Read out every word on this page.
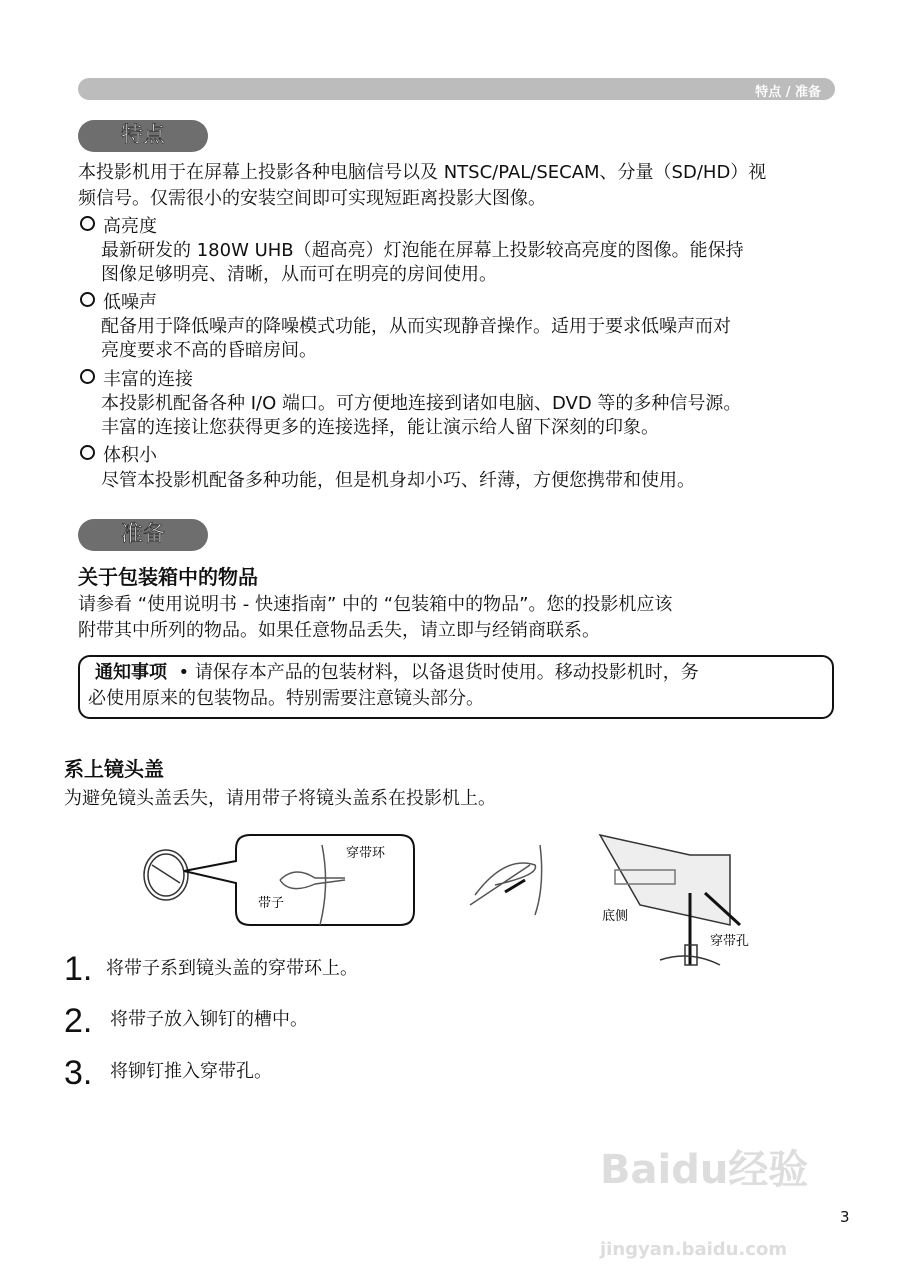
特点 / 准备
特点
本投影机用于在屏幕上投影各种电脑信号以及 NTSC/PAL/SECAM、分量（SD/HD）视
频信号。仅需很小的安装空间即可实现短距离投影大图像。
高亮度
最新研发的 180W UHB（超高亮）灯泡能在屏幕上投影较高亮度的图像。能保持
图像足够明亮、清晰，从而可在明亮的房间使用。
低噪声
配备用于降低噪声的降噪模式功能，从而实现静音操作。适用于要求低噪声而对
亮度要求不高的昏暗房间。
丰富的连接
本投影机配备各种 I/O 端口。可方便地连接到诸如电脑、DVD 等的多种信号源。
丰富的连接让您获得更多的连接选择，能让演示给人留下深刻的印象。
体积小
尽管本投影机配备多种功能，但是机身却小巧、纤薄，方便您携带和使用。
准备
关于包装箱中的物品
请参看 “使用说明书 - 快速指南” 中的 “包装箱中的物品”。您的投影机应该
附带其中所列的物品。如果任意物品丢失，请立即与经销商联系。
通知事项 • 请保存本产品的包装材料，以备退货时使用。移动投影机时，务
必使用原来的包装物品。特别需要注意镜头部分。
系上镜头盖
为避免镜头盖丢失，请用带子将镜头盖系在投影机上。
穿带环
带子
底侧
穿带孔
1. 将带子系到镜头盖的穿带环上。
2. 将带子放入铆钉的槽中。
3. 将铆钉推入穿带孔。
Baidu经验
jingyan.baidu.com
3
